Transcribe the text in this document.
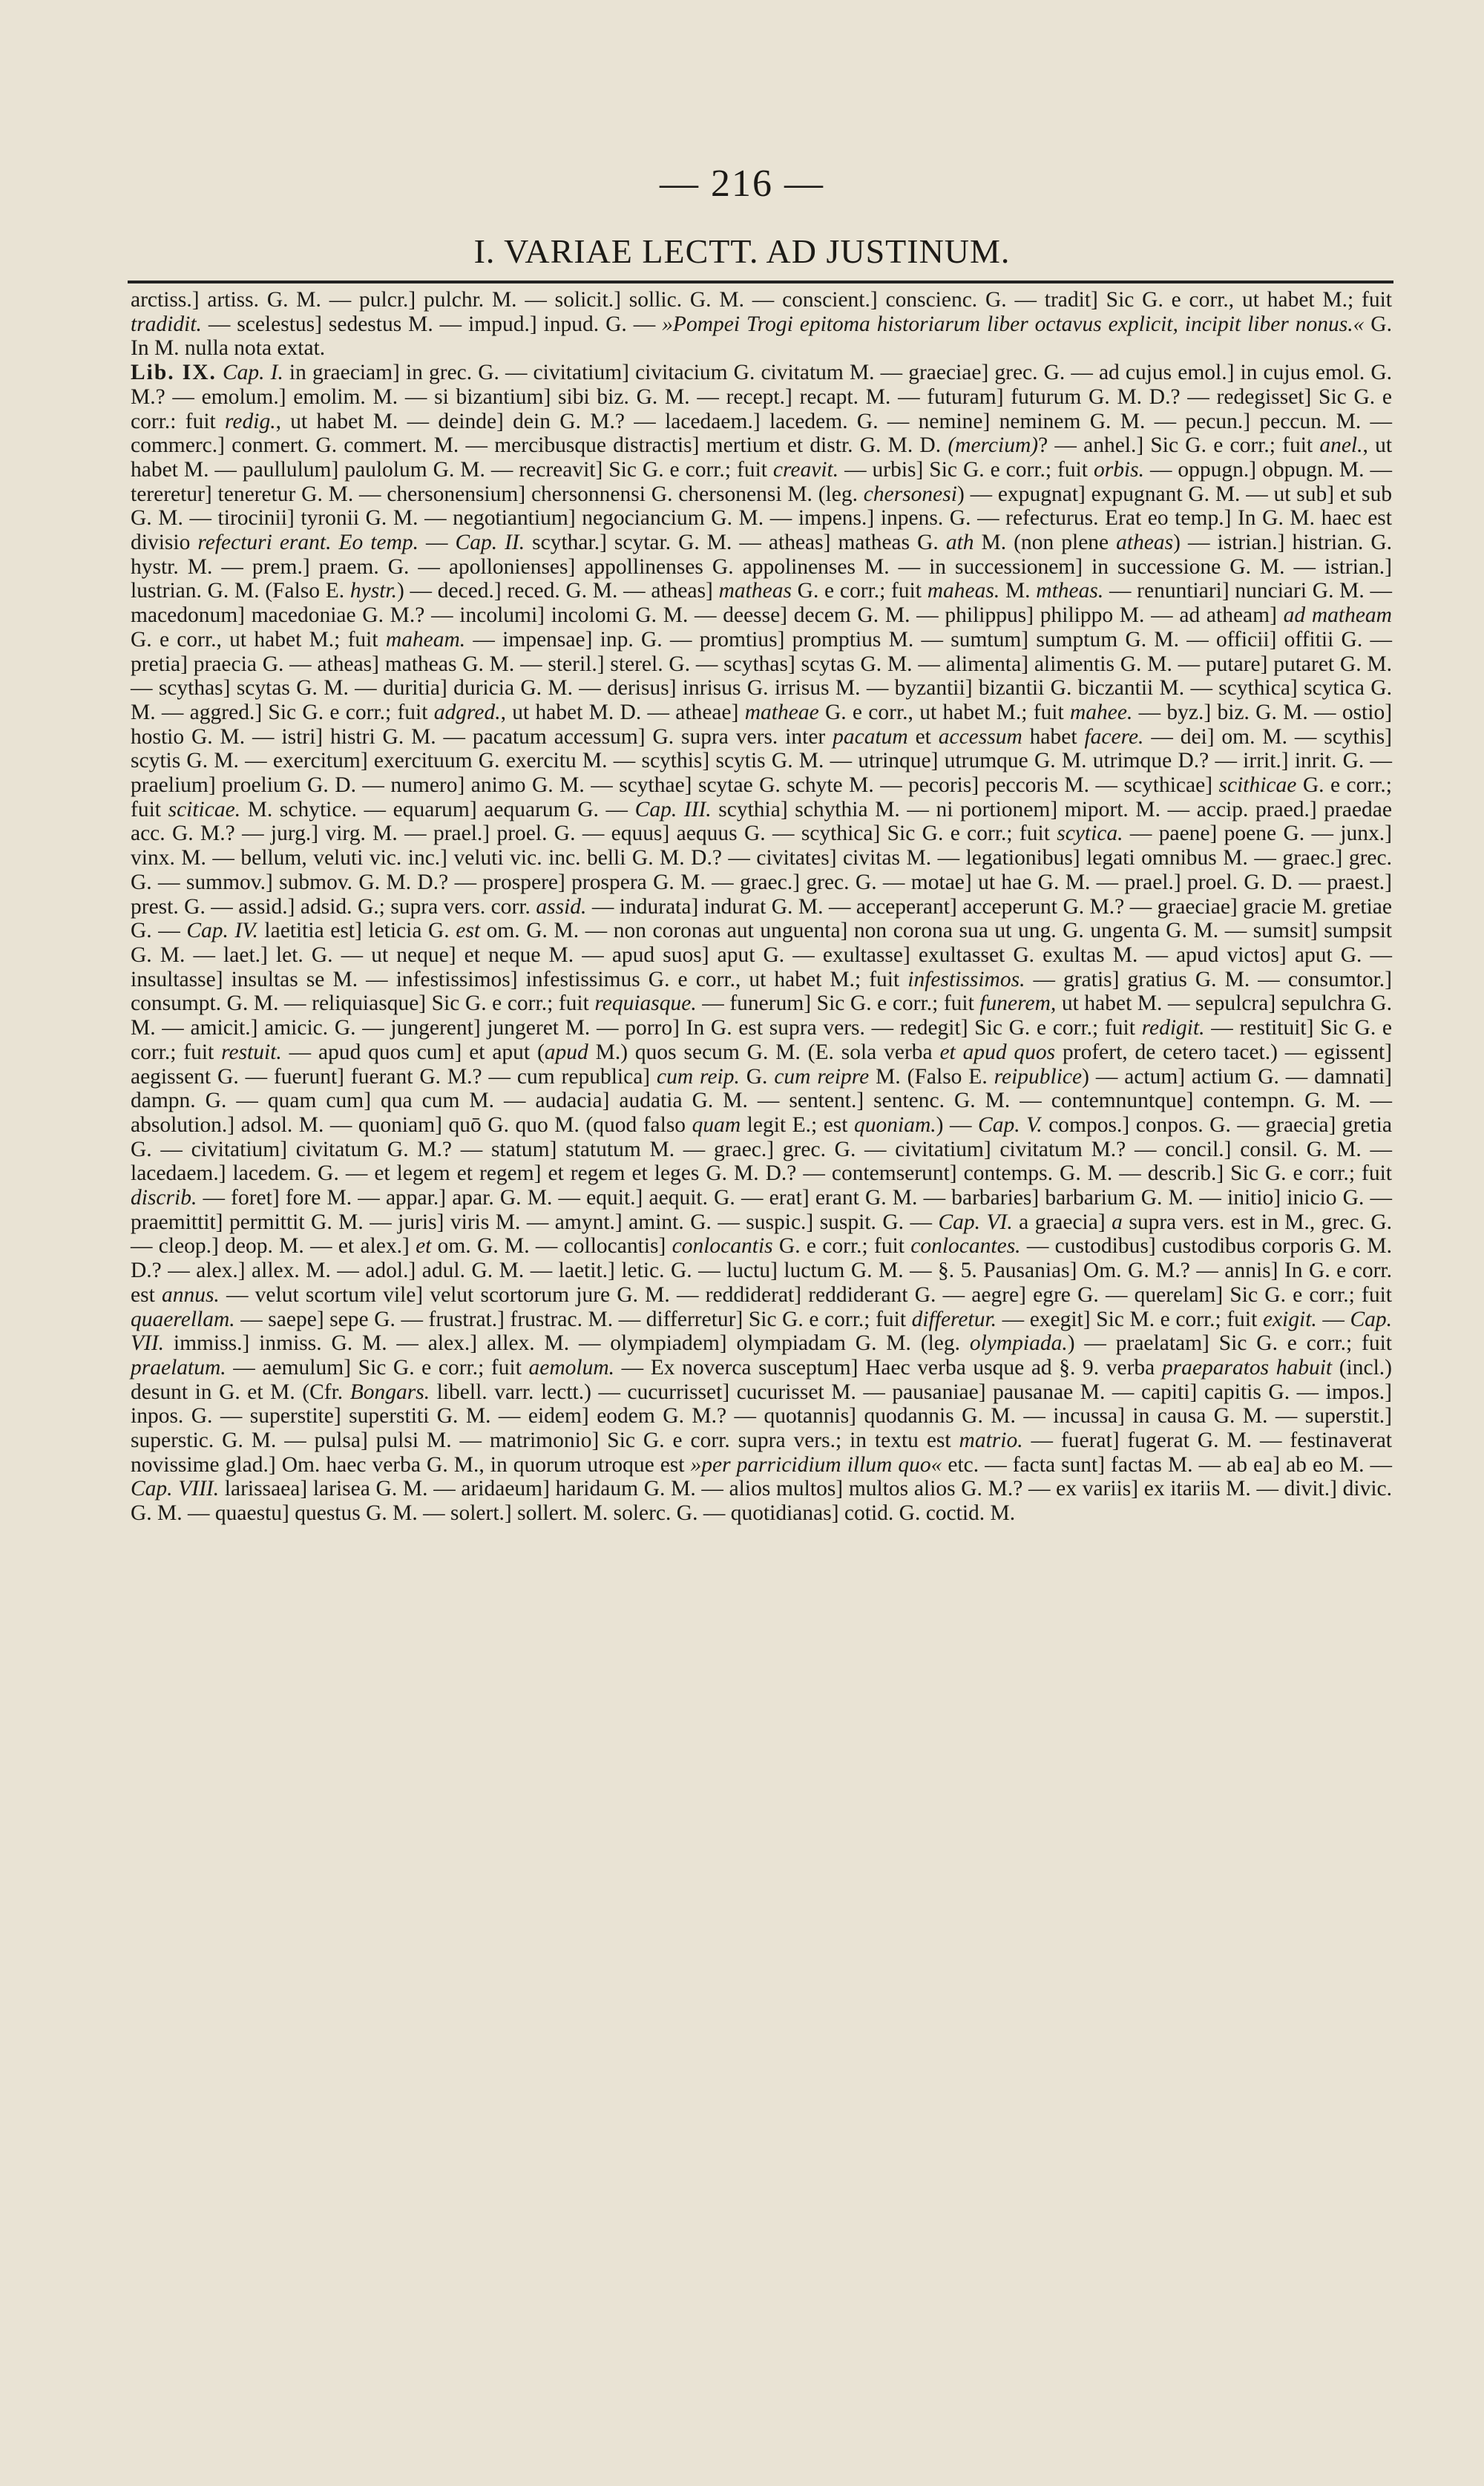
— 216 —
I. VARIAE LECTT. AD JUSTINUM.

arctiss.] artiss. G. M. — pulcr.] pulchr. M. — solicit.] sollic. G. M. — conscient.] conscienc. G. — tradit] Sic G. e corr., ut habet M.; fuit tradidit. — scelestus] sedestus M. — impud.] inpud. G. — »Pompei Trogi epitoma historiarum liber octavus explicit, incipit liber nonus.« G. In M. nulla nota extat.

Lib. IX. Cap. I. in graeciam] in grec. G. — civitatium] civitacium G. civitatum M. — graeciae] grec. G. — ad cujus emol.] in cujus emol. G. M.? — emolum.] emolim. M. — si bizantium] sibi biz. G. M. — recept.] recapt. M. — futuram] futurum G. M. D.? — redegisset] Sic G. e corr.: fuit redig., ut habet M. — deinde] dein G. M.? — lacedaem.] lacedem. G. — nemine] neminem G. M. — pecun.] peccun. M. — commerc.] conmert. G. commert. M. — mercibusque distractis] mertium et distr. G. M. D. (mercium)? — anhel.] Sic G. e corr.; fuit anel., ut habet M. — paullulum] paulolum G. M. — recreavit] Sic G. e corr.; fuit creavit. — urbis] Sic G. e corr.; fuit orbis. — oppugn.] obpugn. M. — tereretur] teneretur G. M. — chersonensium] chersonnensi G. chersonensi M. (leg. chersonesi) — expugnat] expugnant G. M. — ut sub] et sub G. M. — tirocinii] tyronii G. M. — negotiantium] negociancium G. M. — impens.] inpens. G. — refecturus. Erat eo temp.] In G. M. haec est divisio refecturi erant. Eo temp. — Cap. II. scythar.] scytar. G. M. — atheas] matheas G. ath M. (non plene atheas) — istrian.] histrian. G. hystr. M. — prem.] praem. G. — apollonienses] appollinenses G. appolinenses M. — in successionem] in successione G. M. — istrian.] lustrian. G. M. (Falso E. hystr.) — deced.] reced. G. M. — atheas] matheas G. e corr.; fuit maheas. M. mtheas. — renuntiari] nunciari G. M. — macedonum] macedoniae G. M.? — incolumi] incolomi G. M. — deesse] decem G. M. — philippus] philippo M. — ad atheam] ad matheam G. e corr., ut habet M.; fuit maheam. — impensae] inp. G. — promtius] promptius M. — sumtum] sumptum G. M. — officii] offitii G. — pretia] praecia G. — atheas] matheas G. M. — steril.] sterel. G. — scythas] scytas G. M. — alimenta] alimentis G. M. — putare] putaret G. M. — scythas] scytas G. M. — duritia] duricia G. M. — derisus] inrisus G. irrisus M. — byzantii] bizantii G. biczantii M. — scythica] scytica G. M. — aggred.] Sic G. e corr.; fuit adgred., ut habet M. D. — atheae] matheae G. e corr., ut habet M.; fuit mahee. — byz.] biz. G. M. — ostio] hostio G. M. — istri] histri G. M. — pacatum accessum] G. supra vers. inter pacatum et accessum habet facere. — dei] om. M. — scythis] scytis G. M. — exercitum] exercituum G. exercitu M. — scythis] scytis G. M. — utrinque] utrumque G. M. utrimque D.? — irrit.] inrit. G. — praelium] proelium G. D. — numero] animo G. M. — scythae] scytae G. schyte M. — pecoris] peccoris M. — scythicae] scithicae G. e corr.; fuit sciticae. M. schytice. — equarum] aequarum G. — Cap. III. scythia] schythia M. — ni portionem] miport. M. — accip. praed.] praedae acc. G. M.? — jurg.] virg. M. — prael.] proel. G. — equus] aequus G. — scythica] Sic G. e corr.; fuit scytica. — paene] poene G. — junx.] vinx. M. — bellum, veluti vic. inc.] veluti vic. inc. belli G. M. D.? — civitates] civitas M. — legationibus] legati omnibus M. — graec.] grec. G. — summov.] submov. G. M. D.? — prospere] prospera G. M. — graec.] grec. G. — motae] ut hae G. M. — prael.] proel. G. D. — praest.] prest. G. — assid.] adsid. G.; supra vers. corr. assid. — indurata] indurat G. M. — acceperant] acceperunt G. M.? — graeciae] gracie M. gretiae G. — Cap. IV. laetitia est] leticia G. est om. G. M. — non coronas aut unguenta] non corona sua ut ung. G. ungenta G. M. — sumsit] sumpsit G. M. — laet.] let. G. — ut neque] et neque M. — apud suos] aput G. — exultasse] exultasset G. exultas M. — apud victos] aput G. — insultasse] insultas se M. — infestissimos] infestissimus G. e corr., ut habet M.; fuit infestissimos. — gratis] gratius G. M. — consumtor.] consumpt. G. M. — reliquiasque] Sic G. e corr.; fuit requiasque. — funerum] Sic G. e corr.; fuit funerem, ut habet M. — sepulcra] sepulchra G. M. — amicit.] amicic. G. — jungerent] jungeret M. — porro] In G. est supra vers. — redegit] Sic G. e corr.; fuit redigit. — restituit] Sic G. e corr.; fuit restuit. — apud quos cum] et aput (apud M.) quos secum G. M. (E. sola verba et apud quos profert, de cetero tacet.) — egissent] aegissent G. — fuerunt] fuerant G. M.? — cum republica] cum reip. G. cum reipre M. (Falso E. reipublice) — actum] actium G. — damnati] dampn. G. — quam cum] qua cum M. — audacia] audatia G. M. — sentent.] sentenc. G. M. — contemnuntque] contempn. G. M. — absolution.] adsol. M. — quoniam] quō G. quo M. (quod falso quam legit E.; est quoniam.) — Cap. V. compos.] conpos. G. — graecia] gretia G. — civitatium] civitatum G. M.? — statum] statutum M. — graec.] grec. G. — civitatium] civitatum M.? — concil.] consil. G. M. — lacedaem.] lacedem. G. — et legem et regem] et regem et leges G. M. D.? — contemserunt] contemps. G. M. — describ.] Sic G. e corr.; fuit discrib. — foret] fore M. — appar.] apar. G. M. — equit.] aequit. G. — erat] erant G. M. — barbaries] barbarium G. M. — initio] inicio G. — praemittit] permittit G. M. — juris] viris M. — amynt.] amint. G. — suspic.] suspit. G. — Cap. VI. a graecia] a supra vers. est in M., grec. G. — cleop.] deop. M. — et alex.] et om. G. M. — collocantis] conlocantis G. e corr.; fuit conlocantes. — custodibus] custodibus corporis G. M. D.? — alex.] allex. M. — adol.] adul. G. M. — laetit.] letic. G. — luctu] luctum G. M. — §. 5. Pausanias] Om. G. M.? — annis] In G. e corr. est annus. — velut scortum vile] velut scortorum jure G. M. — reddiderat] reddiderant G. — aegre] egre G. — querelam] Sic G. e corr.; fuit quaerellam. — saepe] sepe G. — frustrat.] frustrac. M. — differretur] Sic G. e corr.; fuit differetur. — exegit] Sic M. e corr.; fuit exigit. — Cap. VII. immiss.] inmiss. G. M. — alex.] allex. M. — olympiadem] olympiadam G. M. (leg. olympiada.) — praelatam] Sic G. e corr.; fuit praelatum. — aemulum] Sic G. e corr.; fuit aemolum. — Ex noverca susceptum] Haec verba usque ad §. 9. verba praeparatos habuit (incl.) desunt in G. et M. (Cfr. Bongars. libell. varr. lectt.) — cucurrisset] cucurisset M. — pausaniae] pausanae M. — capiti] capitis G. — impos.] inpos. G. — superstite] superstiti G. M. — eidem] eodem G. M.? — quotannis] quodannis G. M. — incussa] in causa G. M. — superstit.] superstic. G. M. — pulsa] pulsi M. — matrimonio] Sic G. e corr. supra vers.; in textu est matrio. — fuerat] fugerat G. M. — festinaverat novissime glad.] Om. haec verba G. M., in quorum utroque est »per parricidium illum quo« etc. — facta sunt] factas M. — ab ea] ab eo M. — Cap. VIII. larissaea] larisea G. M. — aridaeum] haridaum G. M. — alios multos] multos alios G. M.? — ex variis] ex itariis M. — divit.] divic. G. M. — quaestu] questus G. M. — solert.] sollert. M. solerc. G. — quotidianas] cotid. G. coctid. M.
